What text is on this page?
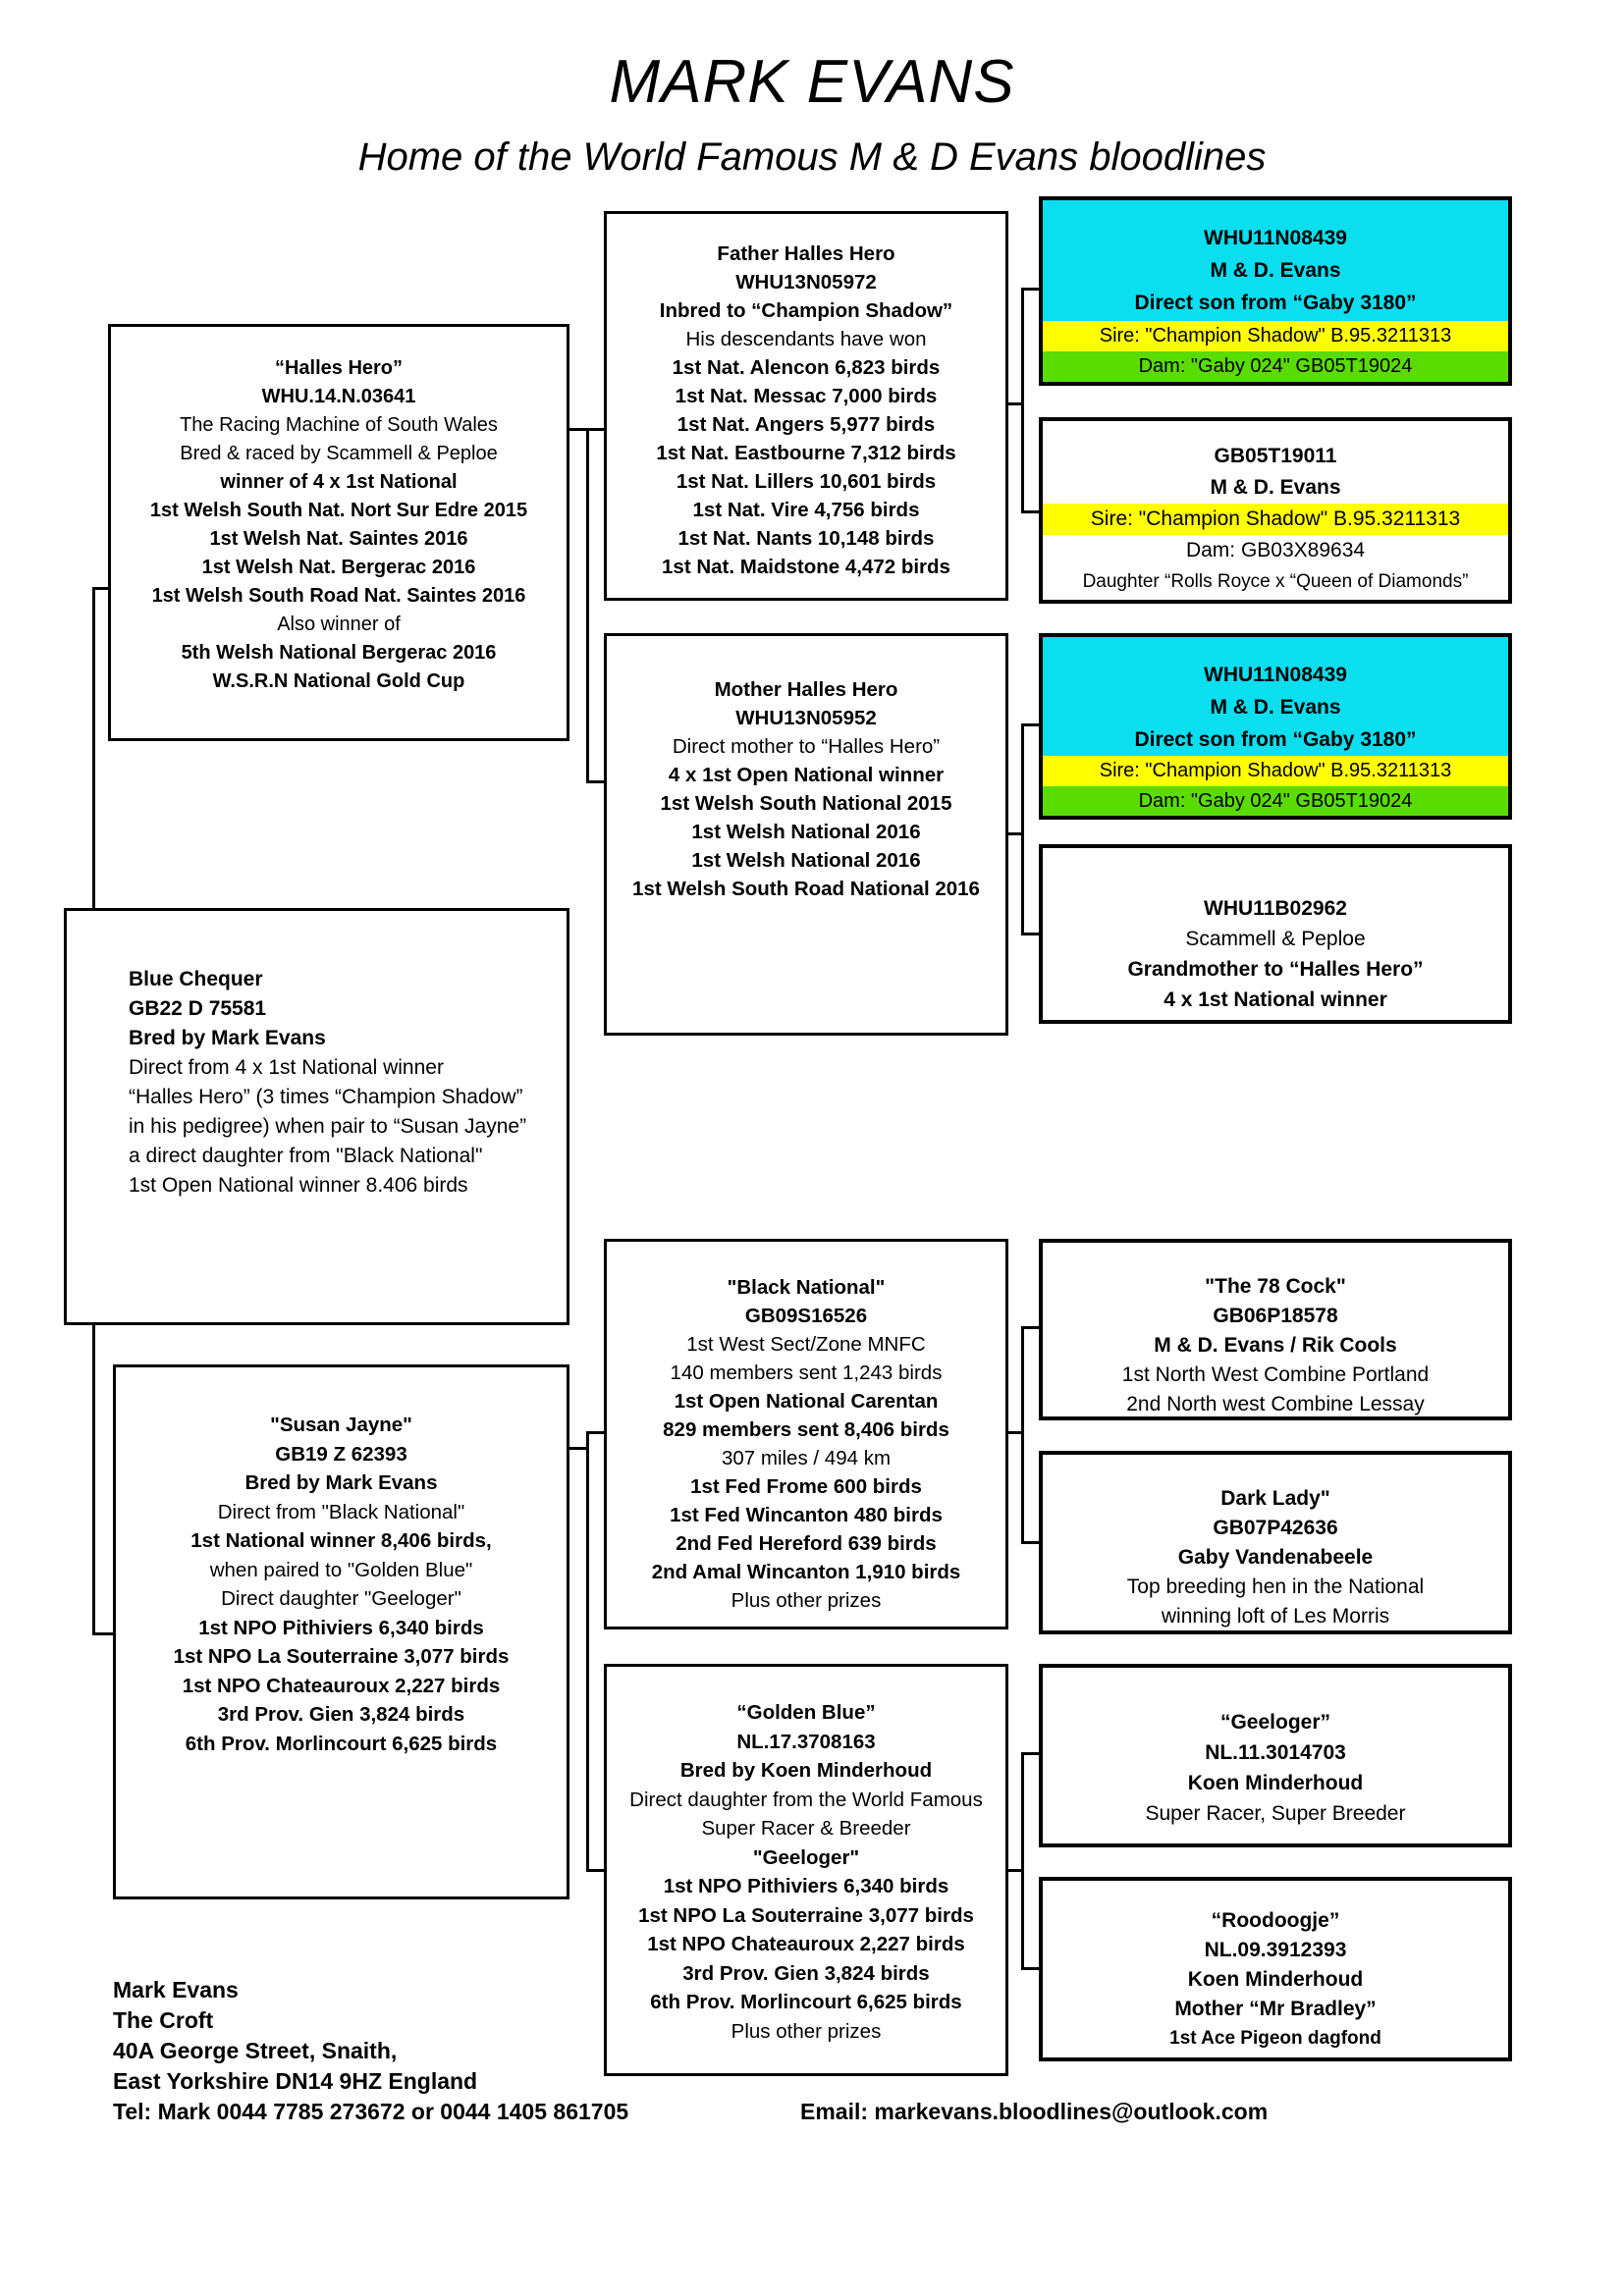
MARK EVANS
Home of the World Famous M & D Evans bloodlines
“Halles Hero”
WHU.14.N.03641
The Racing Machine of South Wales
Bred & raced by Scammell & Peploe
winner of 4 x 1st National
1st Welsh South Nat. Nort Sur Edre 2015
1st Welsh Nat. Saintes 2016
1st Welsh Nat. Bergerac 2016
1st Welsh South Road Nat. Saintes 2016
Also winner of
5th Welsh National Bergerac 2016
W.S.R.N National Gold Cup
Father Halles Hero
WHU13N05972
Inbred to “Champion Shadow”
His descendants have won
1st Nat. Alencon 6,823 birds
1st Nat. Messac 7,000 birds
1st Nat. Angers 5,977 birds
1st Nat. Eastbourne 7,312 birds
1st Nat. Lillers 10,601 birds
1st Nat. Vire 4,756 birds
1st Nat. Nants 10,148 birds
1st Nat. Maidstone 4,472 birds
WHU11N08439
M & D. Evans
Direct son from “Gaby 3180”
Sire: "Champion Shadow" B.95.3211313
Dam: "Gaby 024" GB05T19024
GB05T19011
M & D. Evans
Sire: "Champion Shadow" B.95.3211313
Dam: GB03X89634
Daughter “Rolls Royce x “Queen of Diamonds”
Mother Halles Hero
WHU13N05952
Direct mother to “Halles Hero”
4 x 1st Open National winner
1st Welsh South National 2015
1st Welsh National 2016
1st Welsh National 2016
1st Welsh South Road National 2016
WHU11N08439
M & D. Evans
Direct son from “Gaby 3180”
Sire: "Champion Shadow" B.95.3211313
Dam: "Gaby 024" GB05T19024
WHU11B02962
Scammell & Peploe
Grandmother to “Halles Hero”
4 x 1st National winner
Blue Chequer
GB22 D 75581
Bred by Mark Evans
Direct from 4 x 1st National winner
“Halles Hero” (3 times “Champion Shadow”
in his pedigree) when pair to “Susan Jayne”
a direct daughter from "Black National"
1st Open National winner 8.406 birds
"Susan Jayne"
GB19 Z 62393
Bred by Mark Evans
Direct from "Black National"
1st National winner 8,406 birds,
when paired to "Golden Blue"
Direct daughter "Geeloger"
1st NPO Pithiviers 6,340 birds
1st NPO La Souterraine 3,077 birds
1st NPO Chateauroux 2,227 birds
3rd Prov. Gien 3,824 birds
6th Prov. Morlincourt 6,625 birds
"Black National"
GB09S16526
1st West Sect/Zone MNFC
140 members sent 1,243 birds
1st Open National Carentan
829 members sent 8,406 birds
307 miles / 494 km
1st Fed Frome 600 birds
1st Fed Wincanton 480 birds
2nd Fed Hereford 639 birds
2nd Amal Wincanton 1,910 birds
Plus other prizes
"The 78 Cock"
GB06P18578
M & D. Evans / Rik Cools
1st North West Combine Portland
2nd North west Combine Lessay
Dark Lady"
GB07P42636
Gaby Vandenabeele
Top breeding hen in the National
winning loft of Les Morris
“Golden Blue”
NL.17.3708163
Bred by Koen Minderhoud
Direct daughter from the World Famous
Super Racer & Breeder
"Geeloger"
1st NPO Pithiviers 6,340 birds
1st NPO La Souterraine 3,077 birds
1st NPO Chateauroux 2,227 birds
3rd Prov. Gien 3,824 birds
6th Prov. Morlincourt 6,625 birds
Plus other prizes
“Geeloger”
NL.11.3014703
Koen Minderhoud
Super Racer, Super Breeder
“Roodoogje”
NL.09.3912393
Koen Minderhoud
Mother “Mr Bradley”
1st Ace Pigeon dagfond
Mark Evans
The Croft
40A George Street, Snaith,
East Yorkshire DN14 9HZ England
Tel: Mark 0044 7785 273672 or 0044 1405 861705	Email: markevans.bloodlines@outlook.com
